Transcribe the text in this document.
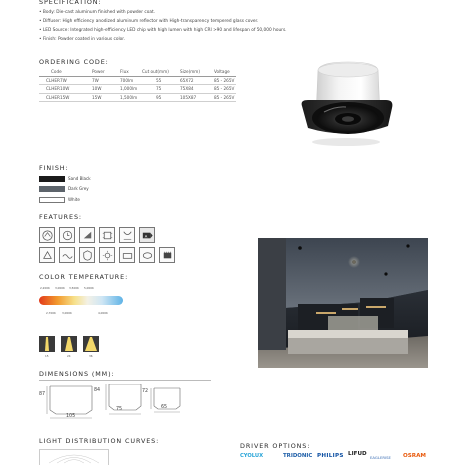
SPECIFICATION:
• Body: Die-cast aluminum finished with powder coat.
• Diffuser: High efficiency anodized aluminum reflector with High-transparency tempered glass cover.
• LED Source: Integrated high-efficiency LED chip with high lumen with high CRI >90 and lifespan of 50,000 hours.
• Finish: Powder coated in various color.
ORDERING CODE:
Code	Power	Flux	Cut out(mm)	Size(mm)	Voltage
CLHER7W	7W	700lm	55	65X72	85 - 265V
CLHER10W	10W	1,000lm	75	75X84	85 - 265V
CLHER15W	15W	1,500lm	95	105X87	85 - 265V
FINISH:
Sand Black
Dark Grey
White
FEATURES:
A
COLOR TEMPERATURE:
2,200K 3,000K 3,500K 5,000K
2,700K 3,000K	4,000K
15	24	36
DIMENSIONS (MM):
87
105
84
75
72
65
LIGHT DISTRIBUTION CURVES:
DRIVER OPTIONS:
CYOLUX	TRIDONIC PHILIPS LIFUD
EAGLERISE OSRAM
